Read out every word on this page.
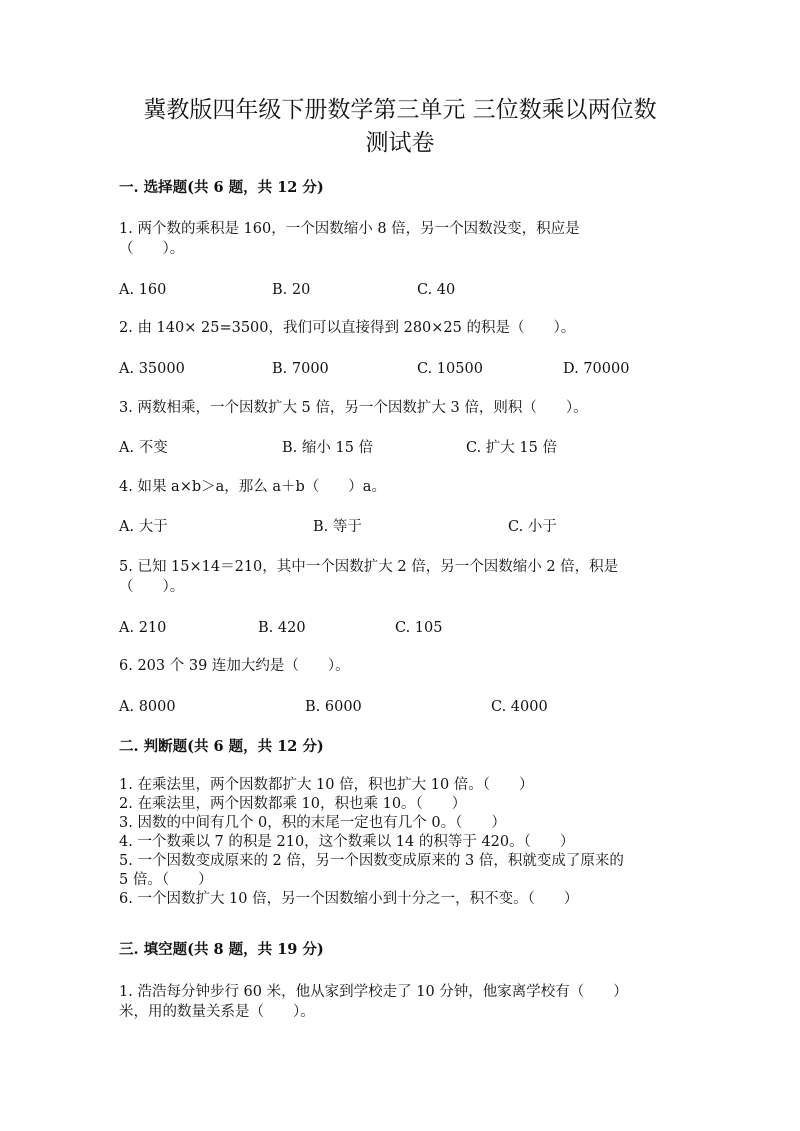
冀教版四年级下册数学第三单元 三位数乘以两位数
测试卷
一. 选择题(共 6 题，共 12 分)
1. 两个数的乘积是 160，一个因数缩小 8 倍，另一个因数没变，积应是
（　　）。
A. 160	B. 20	C. 40
2. 由 140× 25=3500，我们可以直接得到 280×25 的积是（　　）。
A. 35000	B. 7000	C. 10500	D. 70000
3. 两数相乘，一个因数扩大 5 倍，另一个因数扩大 3 倍，则积（　　）。
A. 不变	B. 缩小 15 倍	C. 扩大 15 倍
4. 如果 a×b＞a，那么 a＋b（　　）a。
A. 大于	B. 等于	C. 小于
5. 已知 15×14＝210，其中一个因数扩大 2 倍，另一个因数缩小 2 倍，积是
（　　）。
A. 210	B. 420	C. 105
6. 203 个 39 连加大约是（　　）。
A. 8000	B. 6000	C. 4000
二. 判断题(共 6 题，共 12 分)
1. 在乘法里，两个因数都扩大 10 倍，积也扩大 10 倍。（　　）
2. 在乘法里，两个因数都乘 10，积也乘 10。（　　）
3. 因数的中间有几个 0，积的末尾一定也有几个 0。（　　）
4. 一个数乘以 7 的积是 210，这个数乘以 14 的积等于 420。（　　）
5. 一个因数变成原来的 2 倍，另一个因数变成原来的 3 倍，积就变成了原来的
5 倍。（　　）
6. 一个因数扩大 10 倍，另一个因数缩小到十分之一，积不变。（　　）
三. 填空题(共 8 题，共 19 分)
1. 浩浩每分钟步行 60 米，他从家到学校走了 10 分钟，他家离学校有（　　）
米，用的数量关系是（　　）。
